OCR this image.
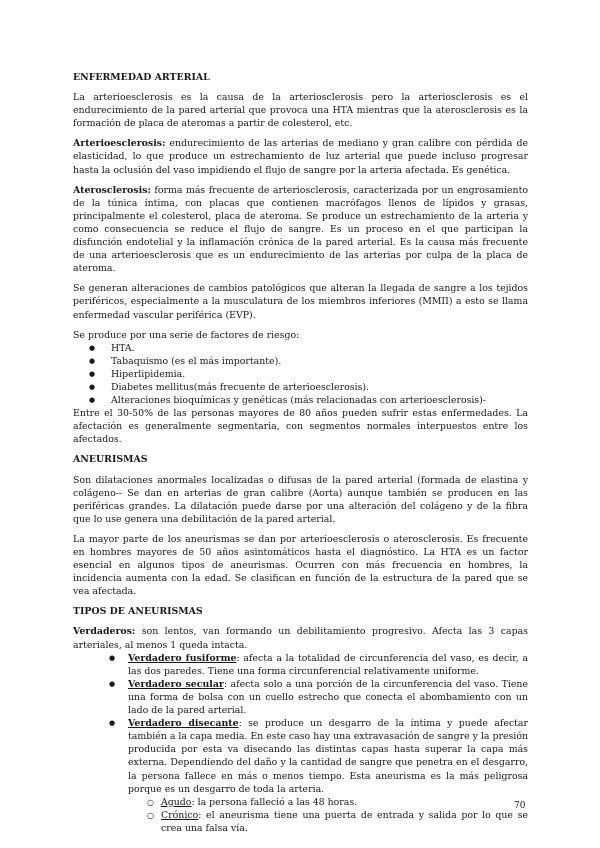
ENFERMEDAD ARTERIAL

La arterioesclerosis es la causa de la arteriosclerosis pero la arteriosclerosis es el endurecimiento de la pared arterial que provoca una HTA mientras que la aterosclerosis es la formación de placa de ateromas a partir de colesterol, etc.

Arterioesclerosis: endurecimiento de las arterias de mediano y gran calibre con pérdida de elasticidad, lo que produce un estrechamiento de luz arterial que puede incluso progresar hasta la oclusión del vaso impidiendo el flujo de sangre por la arteria afectada. Es genética.

Aterosclerosis: forma más frecuente de arteriosclerosis, caracterizada por un engrosamiento de la túnica íntima, con placas que contienen macrófagos llenos de lípidos y grasas, principalmente el colesterol, placa de ateroma. Se produce un estrechamiento de la arteria y como consecuencia se reduce el flujo de sangre. Es un proceso en el que participan la disfunción endotelial y la inflamación crónica de la pared arterial. Es la causa más frecuente de una arterioesclerosis que es un endurecimiento de las arterias por culpa de la placa de ateroma.

Se generan alteraciones de cambios patológicos que alteran la llegada de sangre a los tejidos periféricos, especialmente a la musculatura de los miembros inferiores (MMII) a esto se llama enfermedad vascular periférica (EVP).

Se produce por una serie de factores de riesgo:

● HTA.
● Tabaquismo (es el más importante).
● Hiperlipidemia.
● Diabetes mellitus(más frecuente de arterioesclerosis).
● Alteraciones bioquímicas y genéticas (más relacionadas con arterioesclerosis)-

Entre el 30-50% de las personas mayores de 80 años pueden sufrir estas enfermedades. La afectación es generalmente segmentaria, con segmentos normales interpuestos entre los afectados.

ANEURISMAS

Son dilataciones anormales localizadas o difusas de la pared arterial (formada de elastina y colágeno-- Se dan en arterias de gran calibre (Aorta) aunque también se producen en las periféricas grandes. La dilatación puede darse por una alteración del colágeno y de la fibra que lo use genera una debilitación de la pared arterial.

La mayor parte de los aneurismas se dan por arterioesclerosis o aterosclerosis. Es frecuente en hombres mayores de 50 años asintomáticos hasta el diagnóstico. La HTA es un factor esencial en algunos tipos de aneurismas. Ocurren con más frecuencia en hombres, la incidencia aumenta con la edad. Se clasifican en función de la estructura de la pared que se vea afectada.

TIPOS DE ANEURISMAS

Verdaderos: son lentos, van formando un debilitamiento progresivo. Afecta las 3 capas arteriales, al menos 1 queda intacta.

● Verdadero fusiforme: afecta a la totalidad de circunferencia del vaso, es decir, a las dos paredes. Tiene una forma circunferencial relativamente uniforme.
● Verdadero secular: afecta solo a una porción de la circunferencia del vaso. Tiene una forma de bolsa con un cuello estrecho que conecta el abombamiento con un lado de la pared arterial.
● Verdadero disecante: se produce un desgarro de la íntima y puede afectar también a la capa media. En este caso hay una extravasación de sangre y la presión producida por esta va disecando las distintas capas hasta superar la capa más externa. Dependiendo del daño y la cantidad de sangre que penetra en el desgarro, la persona fallece en más o menos tiempo. Esta aneurisma es la más peligrosa porque es un desgarro de toda la arteria.
○ Agudo: la persona falleció a las 48 horas.
○ Crónico: el aneurisma tiene una puerta de entrada y salida por lo que se crea una falsa vía.
70
